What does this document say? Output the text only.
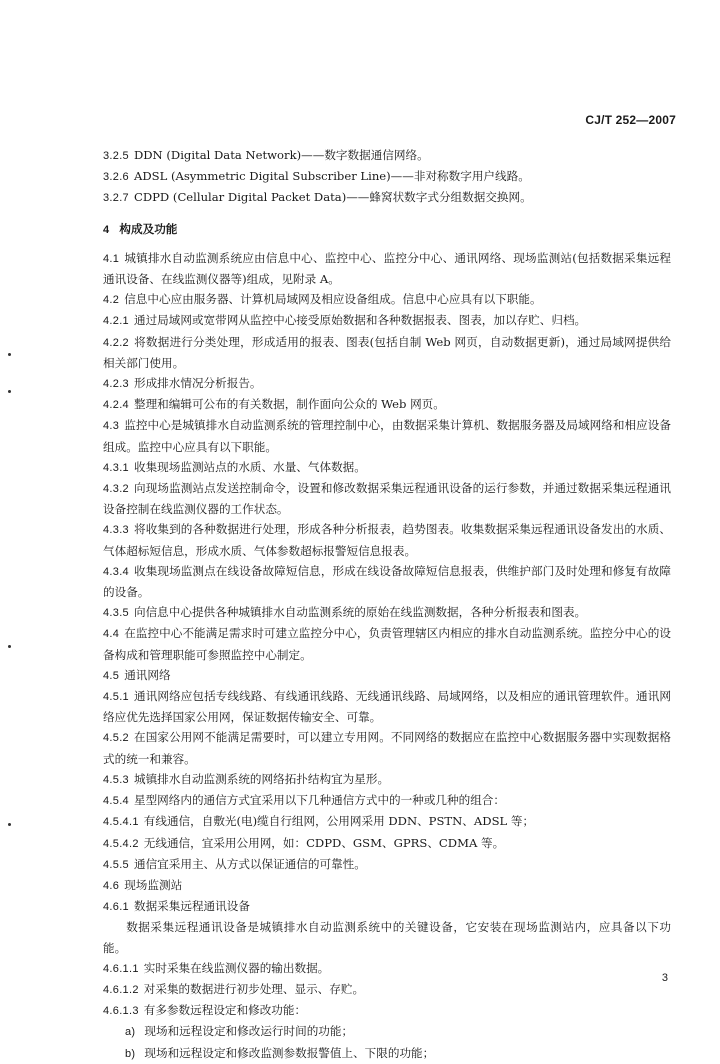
CJ/T 252—2007
3.2.5 DDN (Digital Data Network)——数字数据通信网络。
3.2.6 ADSL (Asymmetric Digital Subscriber Line)——非对称数字用户线路。
3.2.7 CDPD (Cellular Digital Packet Data)——蜂窝状数字式分组数据交换网。
4 构成及功能
4.1 城镇排水自动监测系统应由信息中心、监控中心、监控分中心、通讯网络、现场监测站(包括数据采集远程通讯设备、在线监测仪器等)组成，见附录 A。
4.2 信息中心应由服务器、计算机局域网及相应设备组成。信息中心应具有以下职能。
4.2.1 通过局域网或宽带网从监控中心接受原始数据和各种数据报表、图表，加以存贮、归档。
4.2.2 将数据进行分类处理，形成适用的报表、图表(包括自制 Web 网页，自动数据更新)，通过局域网提供给相关部门使用。
4.2.3 形成排水情况分析报告。
4.2.4 整理和编辑可公布的有关数据，制作面向公众的 Web 网页。
4.3 监控中心是城镇排水自动监测系统的管理控制中心，由数据采集计算机、数据服务器及局域网络和相应设备组成。监控中心应具有以下职能。
4.3.1 收集现场监测站点的水质、水量、气体数据。
4.3.2 向现场监测站点发送控制命令，设置和修改数据采集远程通讯设备的运行参数，并通过数据采集远程通讯设备控制在线监测仪器的工作状态。
4.3.3 将收集到的各种数据进行处理，形成各种分析报表，趋势图表。收集数据采集远程通讯设备发出的水质、气体超标短信息，形成水质、气体参数超标报警短信息报表。
4.3.4 收集现场监测点在线设备故障短信息，形成在线设备故障短信息报表，供维护部门及时处理和修复有故障的设备。
4.3.5 向信息中心提供各种城镇排水自动监测系统的原始在线监测数据，各种分析报表和图表。
4.4 在监控中心不能满足需求时可建立监控分中心，负责管理辖区内相应的排水自动监测系统。监控分中心的设备构成和管理职能可参照监控中心制定。
4.5 通讯网络
4.5.1 通讯网络应包括专线线路、有线通讯线路、无线通讯线路、局域网络，以及相应的通讯管理软件。通讯网络应优先选择国家公用网，保证数据传输安全、可靠。
4.5.2 在国家公用网不能满足需要时，可以建立专用网。不同网络的数据应在监控中心数据服务器中实现数据格式的统一和兼容。
4.5.3 城镇排水自动监测系统的网络拓扑结构宜为星形。
4.5.4 星型网络内的通信方式宜采用以下几种通信方式中的一种或几种的组合：
4.5.4.1 有线通信，自敷光(电)缆自行组网，公用网采用 DDN、PSTN、ADSL 等；
4.5.4.2 无线通信，宜采用公用网，如：CDPD、GSM、GPRS、CDMA 等。
4.5.5 通信宜采用主、从方式以保证通信的可靠性。
4.6 现场监测站
4.6.1 数据采集远程通讯设备
数据采集远程通讯设备是城镇排水自动监测系统中的关键设备，它安装在现场监测站内，应具备以下功能。
4.6.1.1 实时采集在线监测仪器的输出数据。
4.6.1.2 对采集的数据进行初步处理、显示、存贮。
4.6.1.3 有多参数远程设定和修改功能：
a) 现场和远程设定和修改运行时间的功能；
b) 现场和远程设定和修改监测参数报警值上、下限的功能；
3
